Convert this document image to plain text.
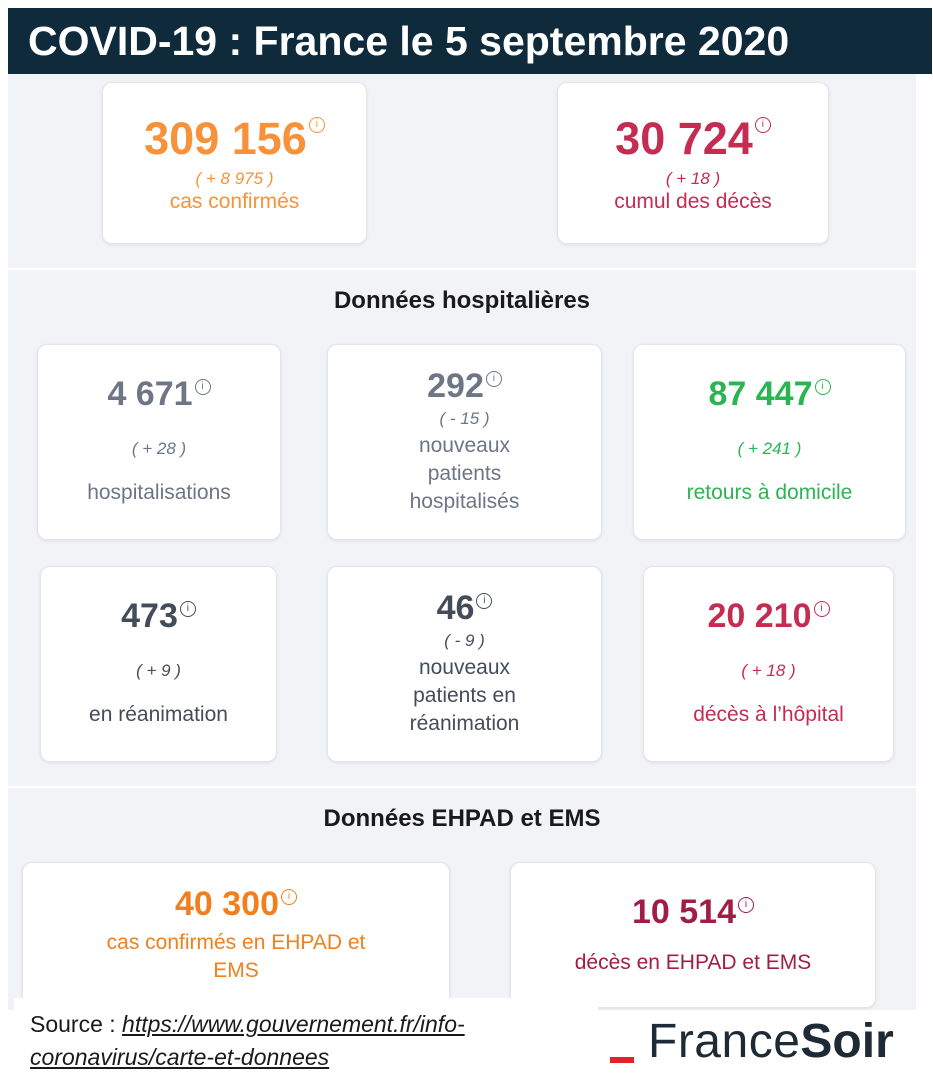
COVID-19 : France le 5 septembre 2020
309 156 i
( + 8 975 )
cas confirmés
30 724 i
( + 18 )
cumul des décès
Données hospitalières
4 671 i
( + 28 )
hospitalisations
292 i
( - 15 )
nouveaux
patients
hospitalisés
87 447 i
( + 241 )
retours à domicile
473 i
( + 9 )
en réanimation
46 i
( - 9 )
nouveaux
patients en
réanimation
20 210 i
( + 18 )
décès à l’hôpital
Données EHPAD et EMS
40 300 i
cas confirmés en EHPAD et
EMS
10 514 i
décès en EHPAD et EMS
Source : https://www.gouvernement.fr/info-
coronavirus/carte-et-donnees	FranceSoir
